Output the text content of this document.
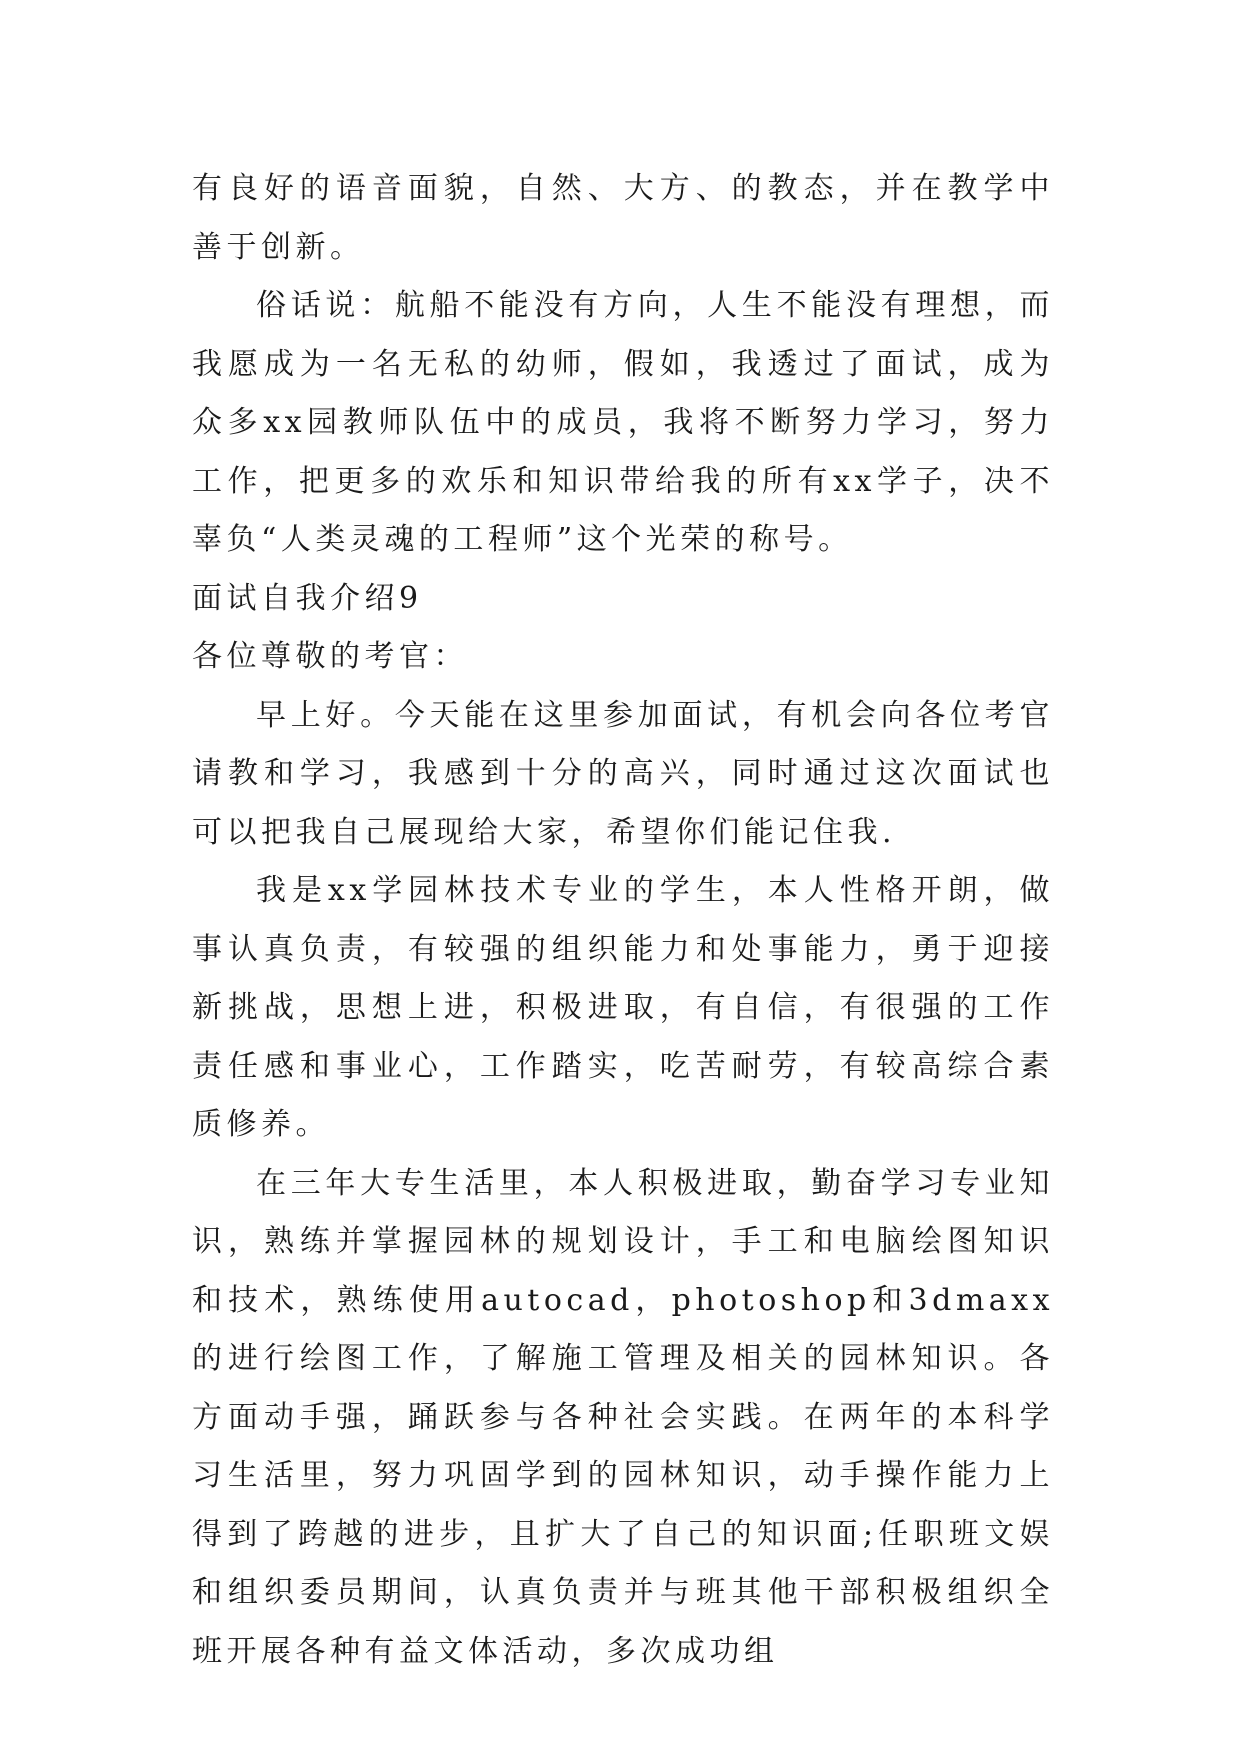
有良好的语音面貌，自然、大方、的教态，并在教学中善于创新。

俗话说：航船不能没有方向，人生不能没有理想，而我愿成为一名无私的幼师，假如，我透过了面试，成为众多xx园教师队伍中的成员，我将不断努力学习，努力工作，把更多的欢乐和知识带给我的所有xx学子，决不辜负“人类灵魂的工程师”这个光荣的称号。

面试自我介绍9

各位尊敬的考官：

早上好。今天能在这里参加面试，有机会向各位考官请教和学习，我感到十分的高兴，同时通过这次面试也可以把我自己展现给大家，希望你们能记住我.

我是xx学园林技术专业的学生，本人性格开朗，做事认真负责，有较强的组织能力和处事能力，勇于迎接新挑战，思想上进，积极进取，有自信，有很强的工作责任感和事业心，工作踏实，吃苦耐劳，有较高综合素质修养。

在三年大专生活里，本人积极进取，勤奋学习专业知识，熟练并掌握园林的规划设计，手工和电脑绘图知识和技术，熟练使用autocad，photoshop和3dmaxx的进行绘图工作，了解施工管理及相关的园林知识。各方面动手强，踊跃参与各种社会实践。在两年的本科学习生活里，努力巩固学到的园林知识，动手操作能力上得到了跨越的进步，且扩大了自己的知识面;任职班文娱和组织委员期间，认真负责并与班其他干部积极组织全班开展各种有益文体活动，多次成功组
